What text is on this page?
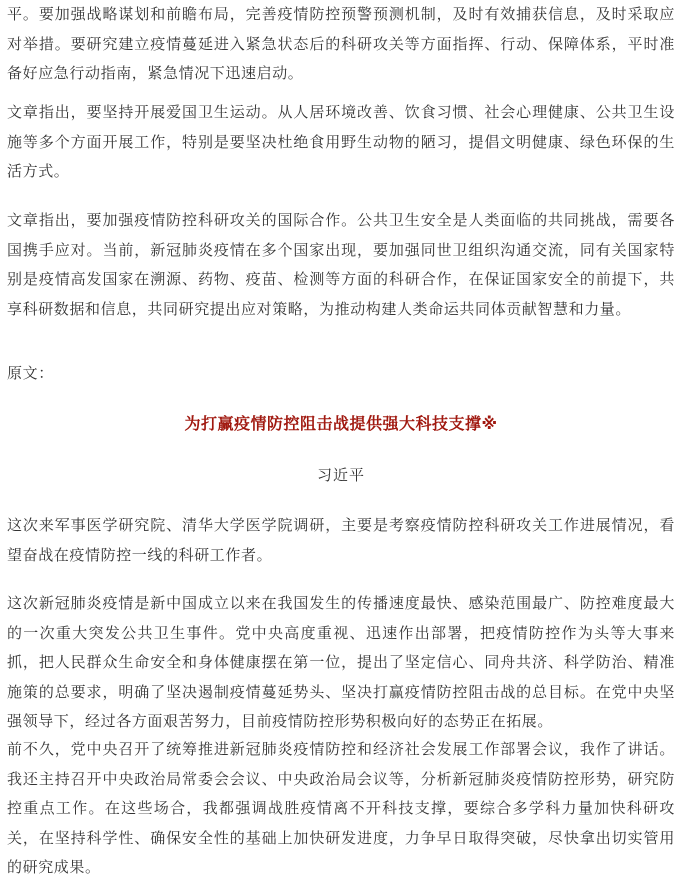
平。要加强战略谋划和前瞻布局，完善疫情防控预警预测机制，及时有效捕获信息，及时采取应对举措。要研究建立疫情蔓延进入紧急状态后的科研攻关等方面指挥、行动、保障体系，平时准备好应急行动指南，紧急情况下迅速启动。

文章指出，要坚持开展爱国卫生运动。从人居环境改善、饮食习惯、社会心理健康、公共卫生设施等多个方面开展工作，特别是要坚决杜绝食用野生动物的陋习，提倡文明健康、绿色环保的生活方式。

文章指出，要加强疫情防控科研攻关的国际合作。公共卫生安全是人类面临的共同挑战，需要各国携手应对。当前，新冠肺炎疫情在多个国家出现，要加强同世卫组织沟通交流，同有关国家特别是疫情高发国家在溯源、药物、疫苗、检测等方面的科研合作，在保证国家安全的前提下，共享科研数据和信息，共同研究提出应对策略，为推动构建人类命运共同体贡献智慧和力量。

原文：

为打赢疫情防控阻击战提供强大科技支撑※

习近平

这次来军事医学研究院、清华大学医学院调研，主要是考察疫情防控科研攻关工作进展情况，看望奋战在疫情防控一线的科研工作者。

这次新冠肺炎疫情是新中国成立以来在我国发生的传播速度最快、感染范围最广、防控难度最大的一次重大突发公共卫生事件。党中央高度重视、迅速作出部署，把疫情防控作为头等大事来抓，把人民群众生命安全和身体健康摆在第一位，提出了坚定信心、同舟共济、科学防治、精准施策的总要求，明确了坚决遏制疫情蔓延势头、坚决打赢疫情防控阻击战的总目标。在党中央坚强领导下，经过各方面艰苦努力，目前疫情防控形势积极向好的态势正在拓展。

前不久，党中央召开了统筹推进新冠肺炎疫情防控和经济社会发展工作部署会议，我作了讲话。我还主持召开中央政治局常委会会议、中央政治局会议等，分析新冠肺炎疫情防控形势，研究防控重点工作。在这些场合，我都强调战胜疫情离不开科技支撑，要综合多学科力量加快科研攻关，在坚持科学性、确保安全性的基础上加快研发进度，力争早日取得突破，尽快拿出切实管用的研究成果。
